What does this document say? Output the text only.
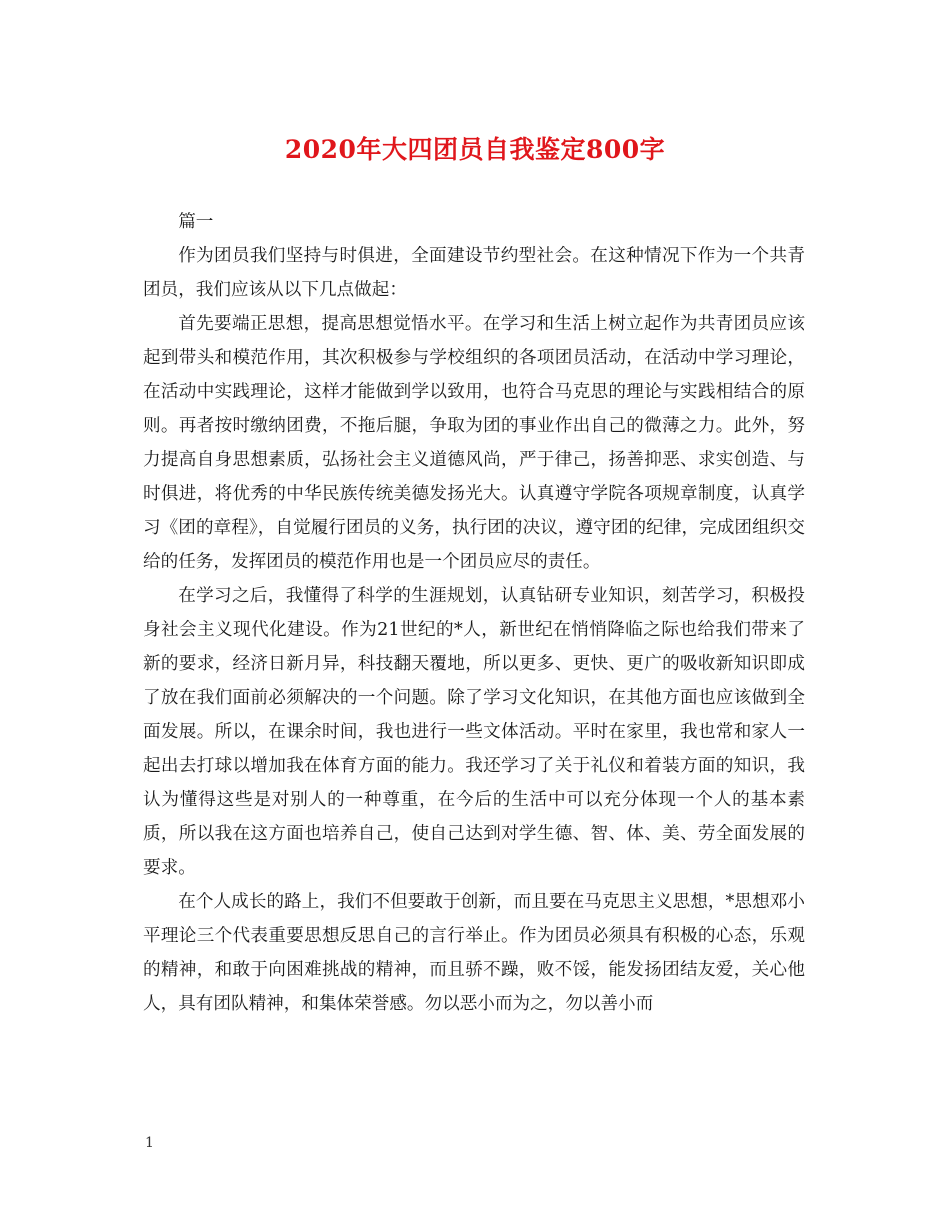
2020年大四团员自我鉴定800字

篇一

作为团员我们坚持与时俱进，全面建设节约型社会。在这种情况下作为一个共青团员，我们应该从以下几点做起：

首先要端正思想，提高思想觉悟水平。在学习和生活上树立起作为共青团员应该起到带头和模范作用，其次积极参与学校组织的各项团员活动，在活动中学习理论，在活动中实践理论，这样才能做到学以致用，也符合马克思的理论与实践相结合的原则。再者按时缴纳团费，不拖后腿，争取为团的事业作出自己的微薄之力。此外，努力提高自身思想素质，弘扬社会主义道德风尚，严于律己，扬善抑恶、求实创造、与时俱进，将优秀的中华民族传统美德发扬光大。认真遵守学院各项规章制度，认真学习《团的章程》，自觉履行团员的义务，执行团的决议，遵守团的纪律，完成团组织交给的任务，发挥团员的模范作用也是一个团员应尽的责任。

在学习之后，我懂得了科学的生涯规划，认真钻研专业知识，刻苦学习，积极投身社会主义现代化建设。作为21世纪的*人，新世纪在悄悄降临之际也给我们带来了新的要求，经济日新月异，科技翻天覆地，所以更多、更快、更广的吸收新知识即成了放在我们面前必须解决的一个问题。除了学习文化知识，在其他方面也应该做到全面发展。所以，在课余时间，我也进行一些文体活动。平时在家里，我也常和家人一起出去打球以增加我在体育方面的能力。我还学习了关于礼仪和着装方面的知识，我认为懂得这些是对别人的一种尊重，在今后的生活中可以充分体现一个人的基本素质，所以我在这方面也培养自己，使自己达到对学生德、智、体、美、劳全面发展的要求。

在个人成长的路上，我们不但要敢于创新，而且要在马克思主义思想，*思想邓小平理论三个代表重要思想反思自己的言行举止。作为团员必须具有积极的心态，乐观的精神，和敢于向困难挑战的精神，而且骄不躁，败不馁，能发扬团结友爱，关心他人，具有团队精神，和集体荣誉感。勿以恶小而为之，勿以善小而

1
